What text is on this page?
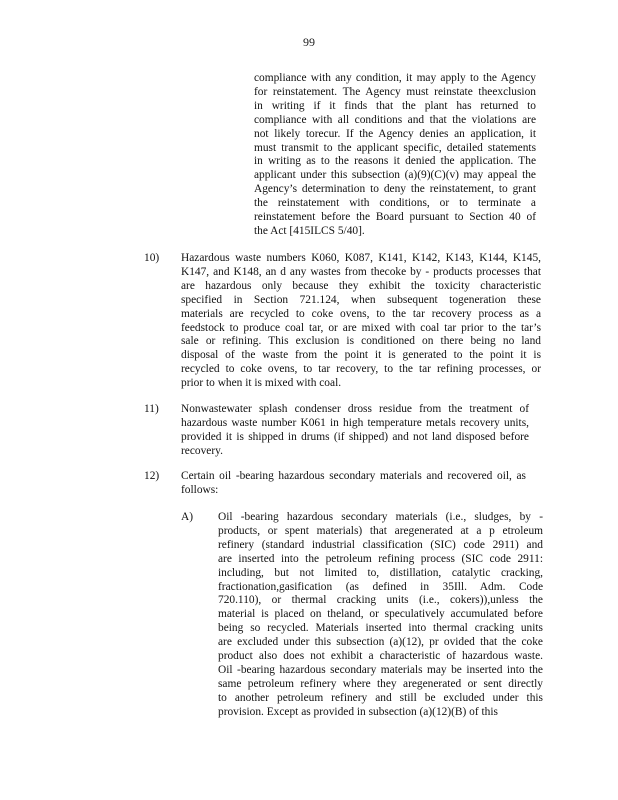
99
compliance with any condition, it may apply to the Agency
for reinstatement. The Agency must reinstate theexclusion
in writing if it finds that the plant has returned to
compliance with all conditions and that the violations are
not likely torecur. If the Agency denies an application, it
must transmit to the applicant specific, detailed statements
in writing as to the reasons it denied the application. The
applicant under this subsection (a)(9)(C)(v) may appeal the
Agency’s determination to deny the reinstatement, to grant
the reinstatement with conditions, or to terminate a
reinstatement before the Board pursuant to Section 40 of
the Act [415ILCS 5/40].
10) Hazardous waste numbers K060, K087, K141, K142, K143, K144, K145,
K147, and K148, an d any wastes from thecoke by - products processes that
are hazardous only because they exhibit the toxicity characteristic
specified in Section 721.124, when subsequent togeneration these
materials are recycled to coke ovens, to the tar recovery process as a
feedstock to produce coal tar, or are mixed with coal tar prior to the tar’s
sale or refining. This exclusion is conditioned on there being no land
disposal of the waste from the point it is generated to the point it is
recycled to coke ovens, to tar recovery, to the tar refining processes, or
prior to when it is mixed with coal.
11) Nonwastewater splash condenser dross residue from the treatment of
hazardous waste number K061 in high temperature metals recovery units,
provided it is shipped in drums (if shipped) and not land disposed before
recovery.
12) Certain oil -bearing hazardous secondary materials and recovered oil, as
follows:
A) Oil -bearing hazardous secondary materials (i.e., sludges, by -
products, or spent materials) that aregenerated at a p etroleum
refinery (standard industrial classification (SIC) code 2911) and
are inserted into the petroleum refining process (SIC code 2911:
including, but not limited to, distillation, catalytic cracking,
fractionation,gasification (as defined in 35Ill. Adm. Code
720.110), or thermal cracking units (i.e., cokers)),unless the
material is placed on theland, or speculatively accumulated before
being so recycled. Materials inserted into thermal cracking units
are excluded under this subsection (a)(12), pr ovided that the coke
product also does not exhibit a characteristic of hazardous waste.
Oil -bearing hazardous secondary materials may be inserted into the
same petroleum refinery where they aregenerated or sent directly
to another petroleum refinery and still be excluded under this
provision. Except as provided in subsection (a)(12)(B) of this
